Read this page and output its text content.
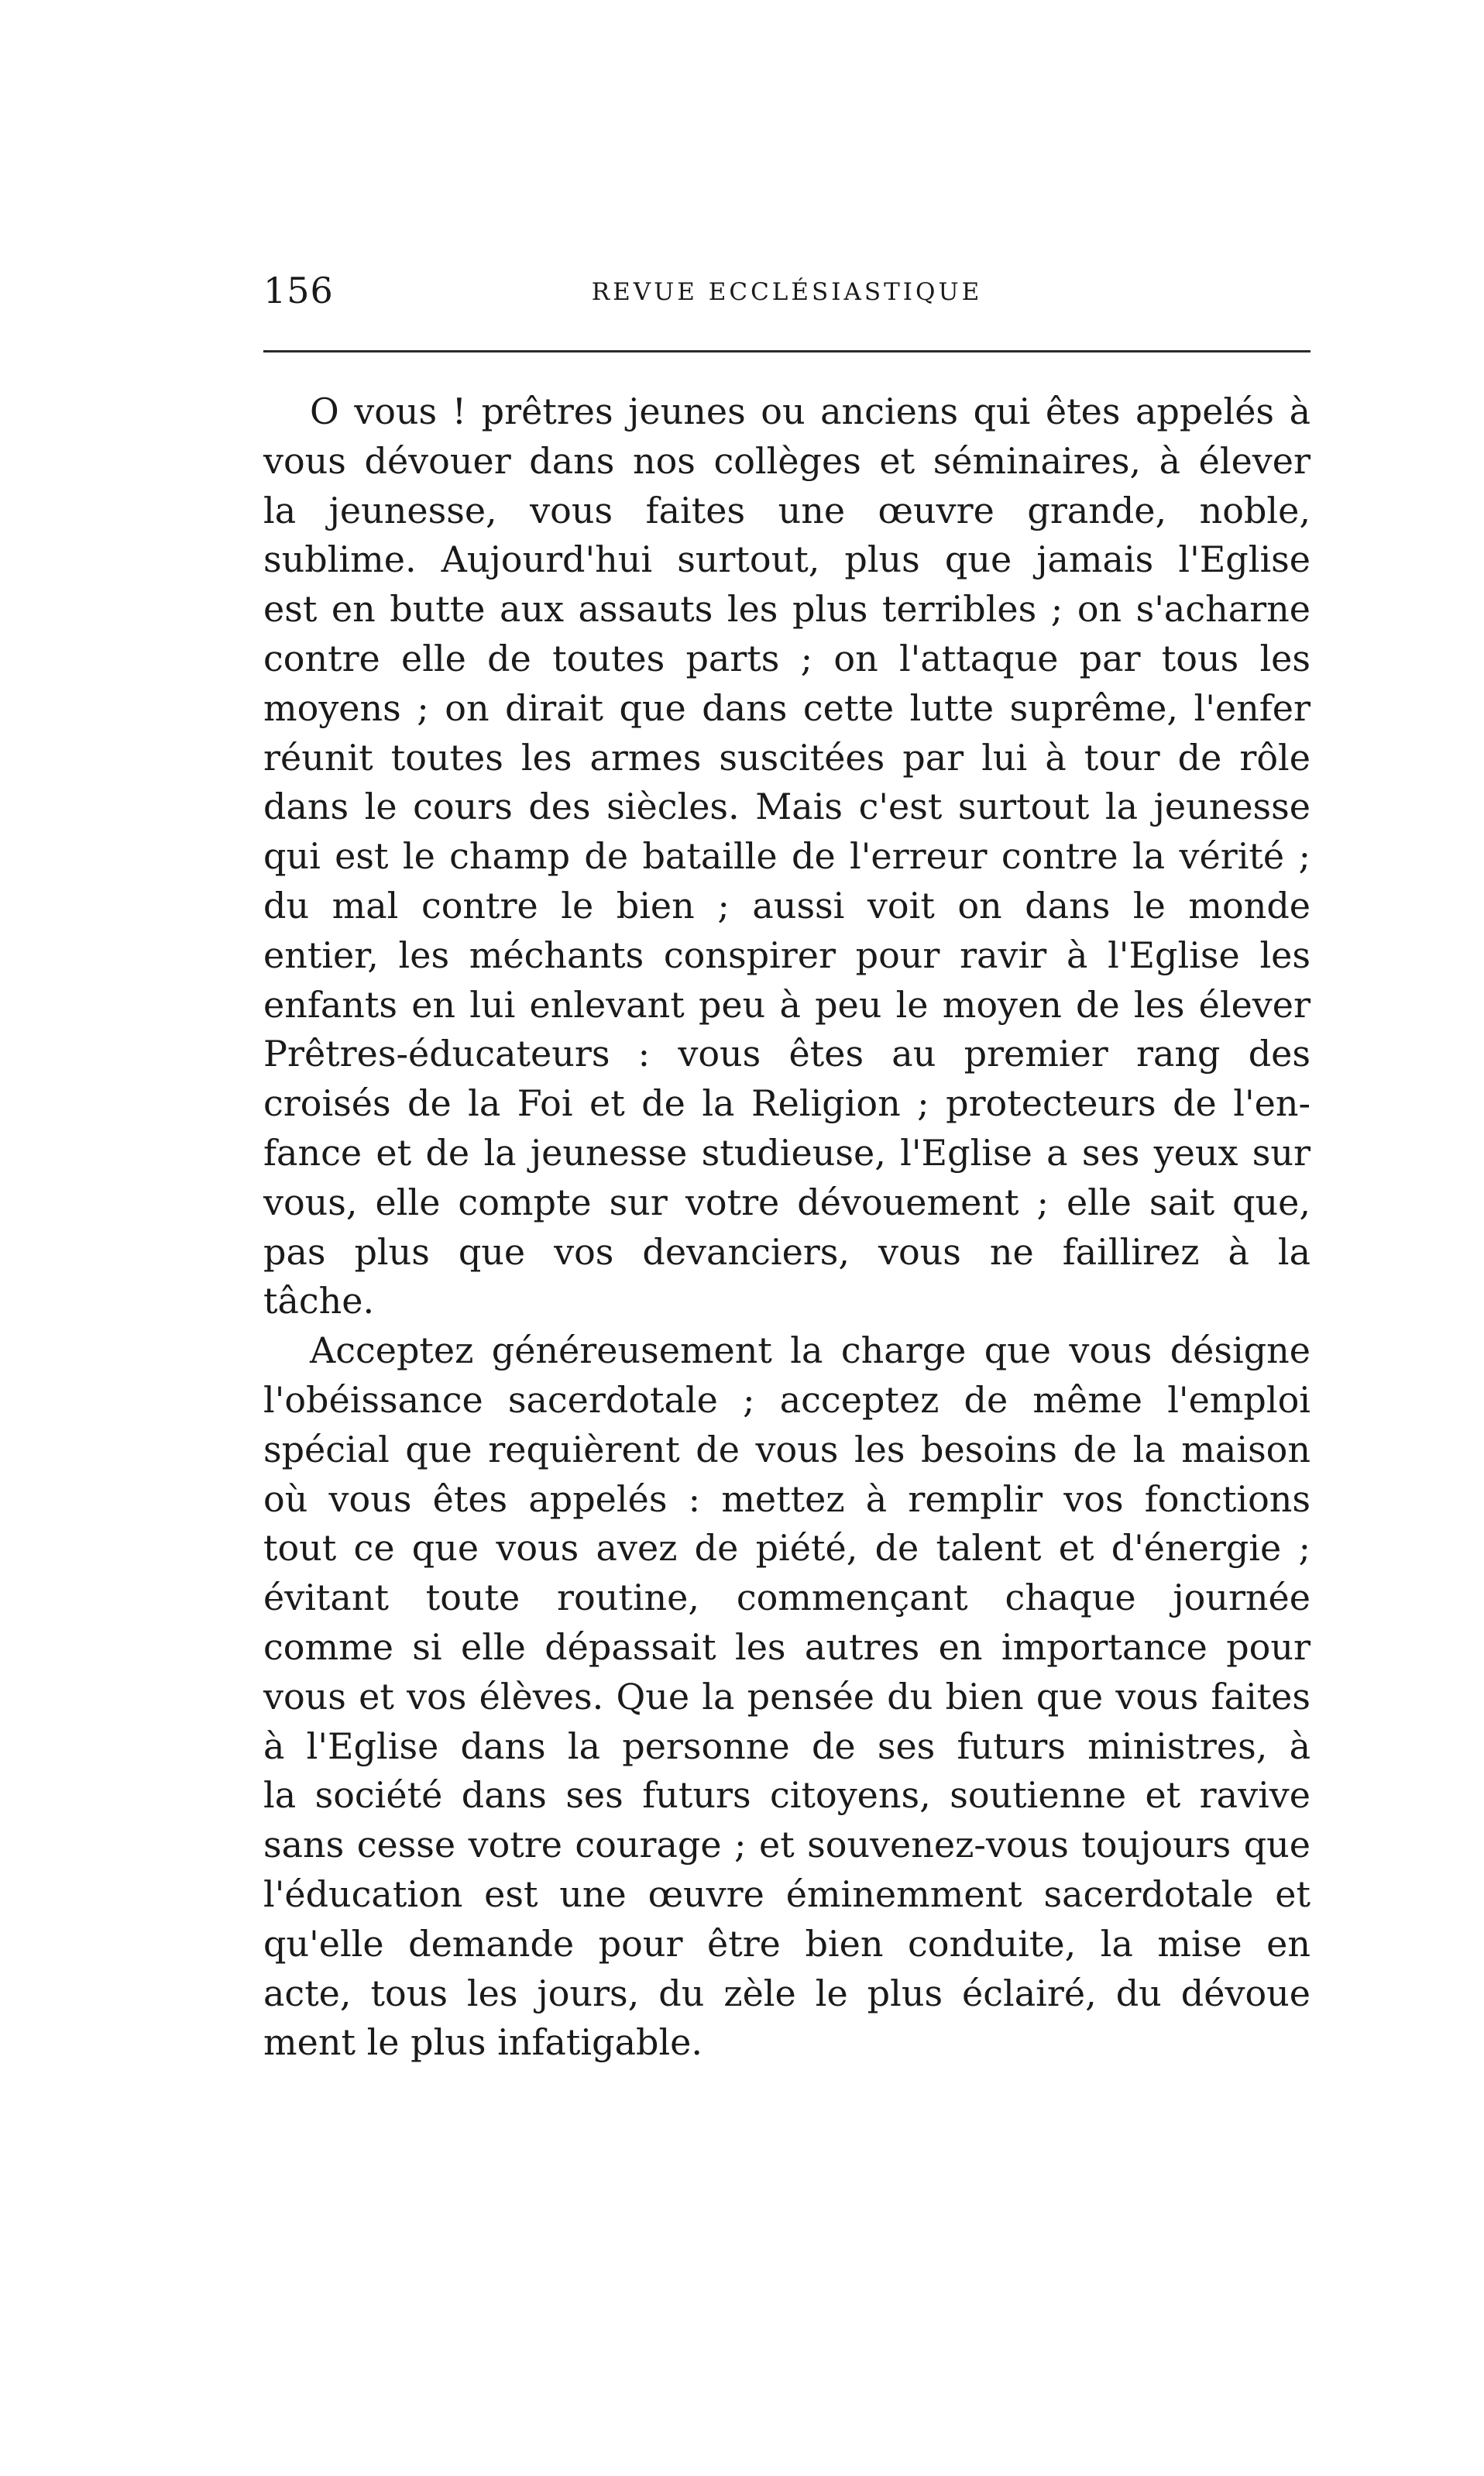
156	REVUE ECCLÉSIASTIQUE
O vous ! prêtres jeunes ou anciens qui êtes appelés à
vous dévouer dans nos collèges et séminaires, à élever
la jeunesse, vous faites une œuvre grande, noble,
sublime. Aujourd'hui surtout, plus que jamais l'Eglise
est en butte aux assauts les plus terribles ; on s'acharne
contre elle de toutes parts ; on l'attaque par tous les
moyens ; on dirait que dans cette lutte suprême, l'enfer
réunit toutes les armes suscitées par lui à tour de rôle
dans le cours des siècles. Mais c'est surtout la jeunesse
qui est le champ de bataille de l'erreur contre la vérité ;
du mal contre le bien ; aussi voit on dans le monde
entier, les méchants conspirer pour ravir à l'Eglise les
enfants en lui enlevant peu à peu le moyen de les élever
Prêtres-éducateurs : vous êtes au premier rang des
croisés de la Foi et de la Religion ; protecteurs de l'en-
fance et de la jeunesse studieuse, l'Eglise a ses yeux sur
vous, elle compte sur votre dévouement ; elle sait que,
pas plus que vos devanciers, vous ne faillirez à la
tâche.
Acceptez généreusement la charge que vous désigne
l'obéissance sacerdotale ; acceptez de même l'emploi
spécial que requièrent de vous les besoins de la maison
où vous êtes appelés : mettez à remplir vos fonctions
tout ce que vous avez de piété, de talent et d'énergie ;
évitant toute routine, commençant chaque journée
comme si elle dépassait les autres en importance pour
vous et vos élèves. Que la pensée du bien que vous faites
à l'Eglise dans la personne de ses futurs ministres, à
la société dans ses futurs citoyens, soutienne et ravive
sans cesse votre courage ; et souvenez-vous toujours que
l'éducation est une œuvre éminemment sacerdotale et
qu'elle demande pour être bien conduite, la mise en
acte, tous les jours, du zèle le plus éclairé, du dévoue
ment le plus infatigable.
